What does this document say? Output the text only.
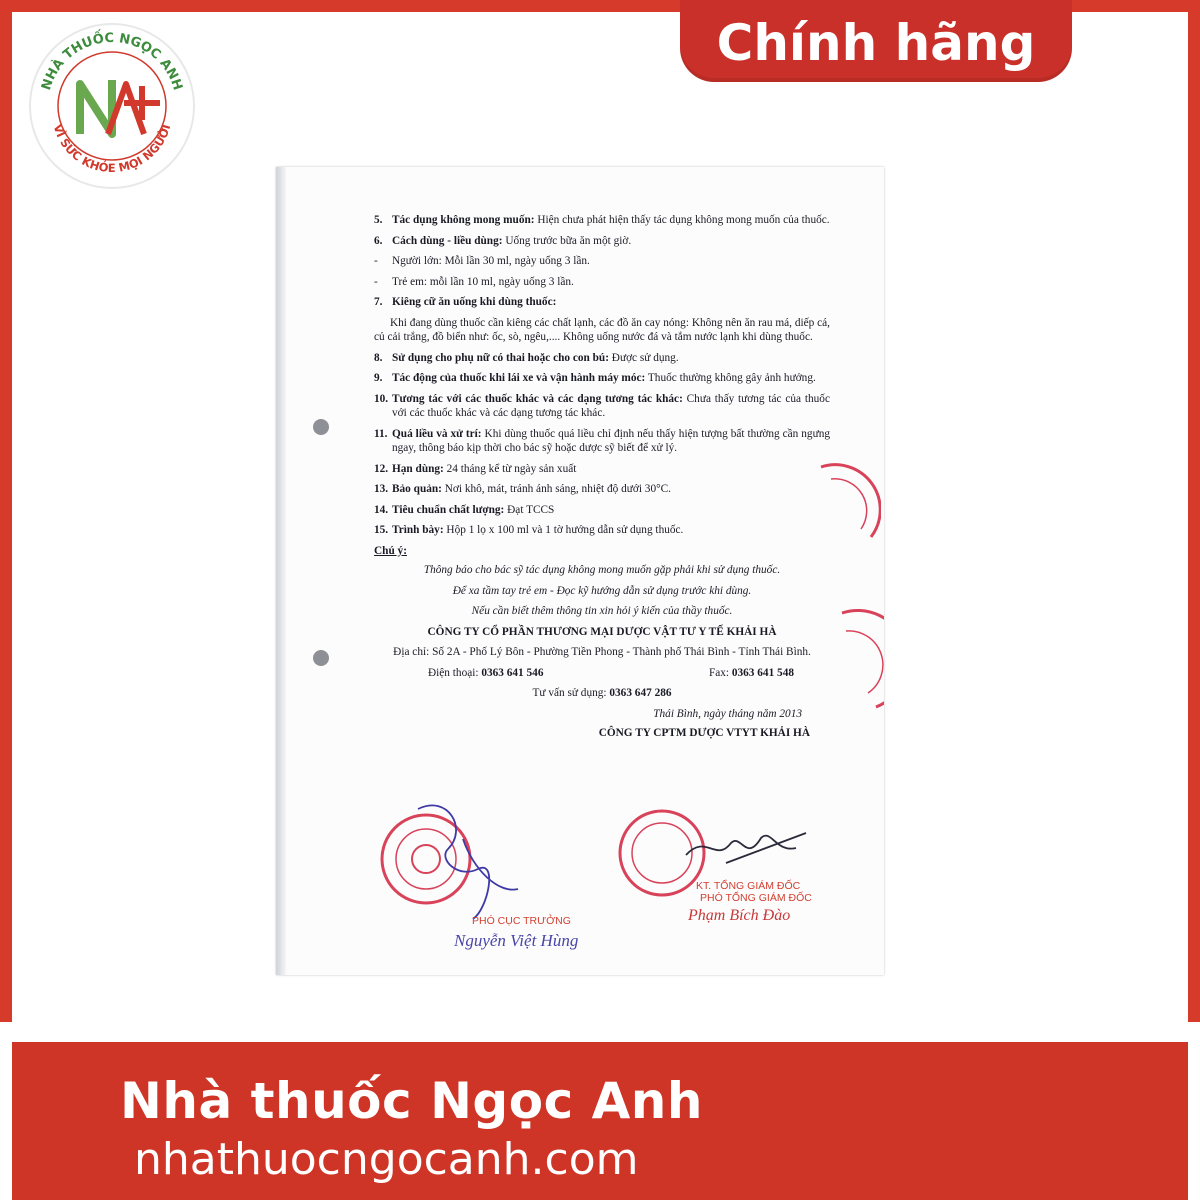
NHÀ THUỐC NGỌC ANH
VÌ SỨC KHỎE MỌI NGƯỜI
Chính hãng
5. Tác dụng không mong muốn: Hiện chưa phát hiện thấy tác dụng không mong muốn của thuốc.
6. Cách dùng - liều dùng: Uống trước bữa ăn một giờ.
-	Người lớn: Mỗi lần 30 ml, ngày uống 3 lần.
-	Trẻ em: mỗi lần 10 ml, ngày uống 3 lần.
7. Kiêng cữ ăn uống khi dùng thuốc:
Khi đang dùng thuốc cần kiêng các chất lạnh, các đồ ăn cay nóng: Không nên ăn rau má, diếp cá, củ cải trắng, đồ biển như: ốc, sò, ngêu,.... Không uống nước đá và tắm nước lạnh khi dùng thuốc.
8. Sử dụng cho phụ nữ có thai hoặc cho con bú: Được sử dụng.
9. Tác động của thuốc khi lái xe và vận hành máy móc: Thuốc thường không gây ảnh hưởng.
10. Tương tác với các thuốc khác và các dạng tương tác khác: Chưa thấy tương tác của thuốc với các thuốc khác và các dạng tương tác khác.
11. Quá liều và xử trí: Khi dùng thuốc quá liều chỉ định nếu thấy hiện tượng bất thường cần ngưng ngay, thông báo kịp thời cho bác sỹ hoặc dược sỹ biết để xử lý.
12. Hạn dùng: 24 tháng kể từ ngày sản xuất
13. Bảo quản: Nơi khô, mát, tránh ánh sáng, nhiệt độ dưới 30°C.
14. Tiêu chuẩn chất lượng: Đạt TCCS
15. Trình bày: Hộp 1 lọ x 100 ml và 1 tờ hướng dẫn sử dụng thuốc.
Chú ý:
Thông báo cho bác sỹ tác dụng không mong muốn gặp phải khi sử dụng thuốc.
Để xa tầm tay trẻ em - Đọc kỹ hướng dẫn sử dụng trước khi dùng.
Nếu cần biết thêm thông tin xin hỏi ý kiến của thầy thuốc.
CÔNG TY CỔ PHẦN THƯƠNG MẠI DƯỢC VẬT TƯ Y TẾ KHẢI HÀ
Địa chỉ: Số 2A - Phố Lý Bôn - Phường Tiền Phong - Thành phố Thái Bình - Tỉnh Thái Bình.
Điện thoại: 0363 641 546	Fax: 0363 641 548
Tư vấn sử dụng: 0363 647 286
Thái Bình, ngày tháng năm 2013
CÔNG TY CPTM DƯỢC VTYT KHẢI HÀ
PHÓ CỤC TRƯỞNG
Nguyễn Việt Hùng
KT. TỔNG GIÁM ĐỐC
PHÓ TỔNG GIÁM ĐỐC
Phạm Bích Đào
Nhà thuốc Ngọc Anh
nhathuocngocanh.com
